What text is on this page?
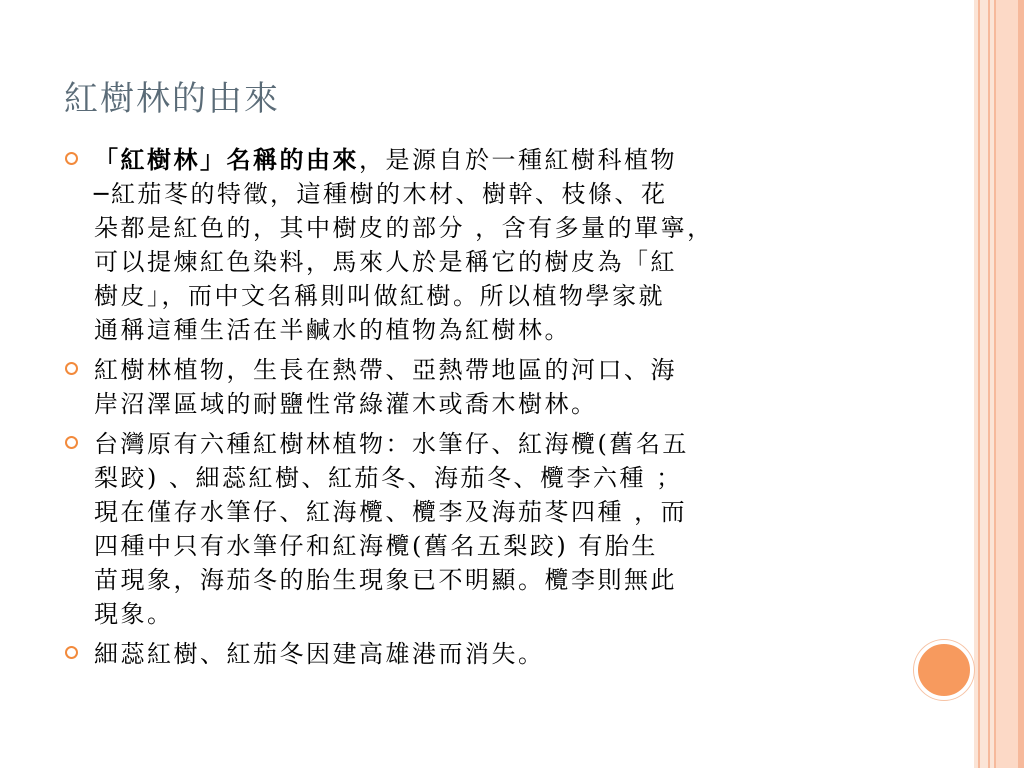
紅樹林的由來
「紅樹林」名稱的由來，是源自於一種紅樹科植物
─紅茄苳的特徵，這種樹的木材、樹幹、枝條、花
朵都是紅色的，其中樹皮的部分 ，含有多量的單寧，
可以提煉紅色染料，馬來人於是稱它的樹皮為「紅
樹皮」，而中文名稱則叫做紅樹。所以植物學家就
通稱這種生活在半鹹水的植物為紅樹林。
紅樹林植物，生長在熱帶、亞熱帶地區的河口、海
岸沼澤區域的耐鹽性常綠灌木或喬木樹林。
台灣原有六種紅樹林植物：水筆仔、紅海欖(舊名五
梨跤) 、細蕊紅樹、紅茄冬、海茄冬、欖李六種 ；
現在僅存水筆仔、紅海欖、欖李及海茄苳四種 ，而
四種中只有水筆仔和紅海欖(舊名五梨跤) 有胎生
苗現象，海茄冬的胎生現象已不明顯。欖李則無此
現象。
細蕊紅樹、紅茄冬因建高雄港而消失。
